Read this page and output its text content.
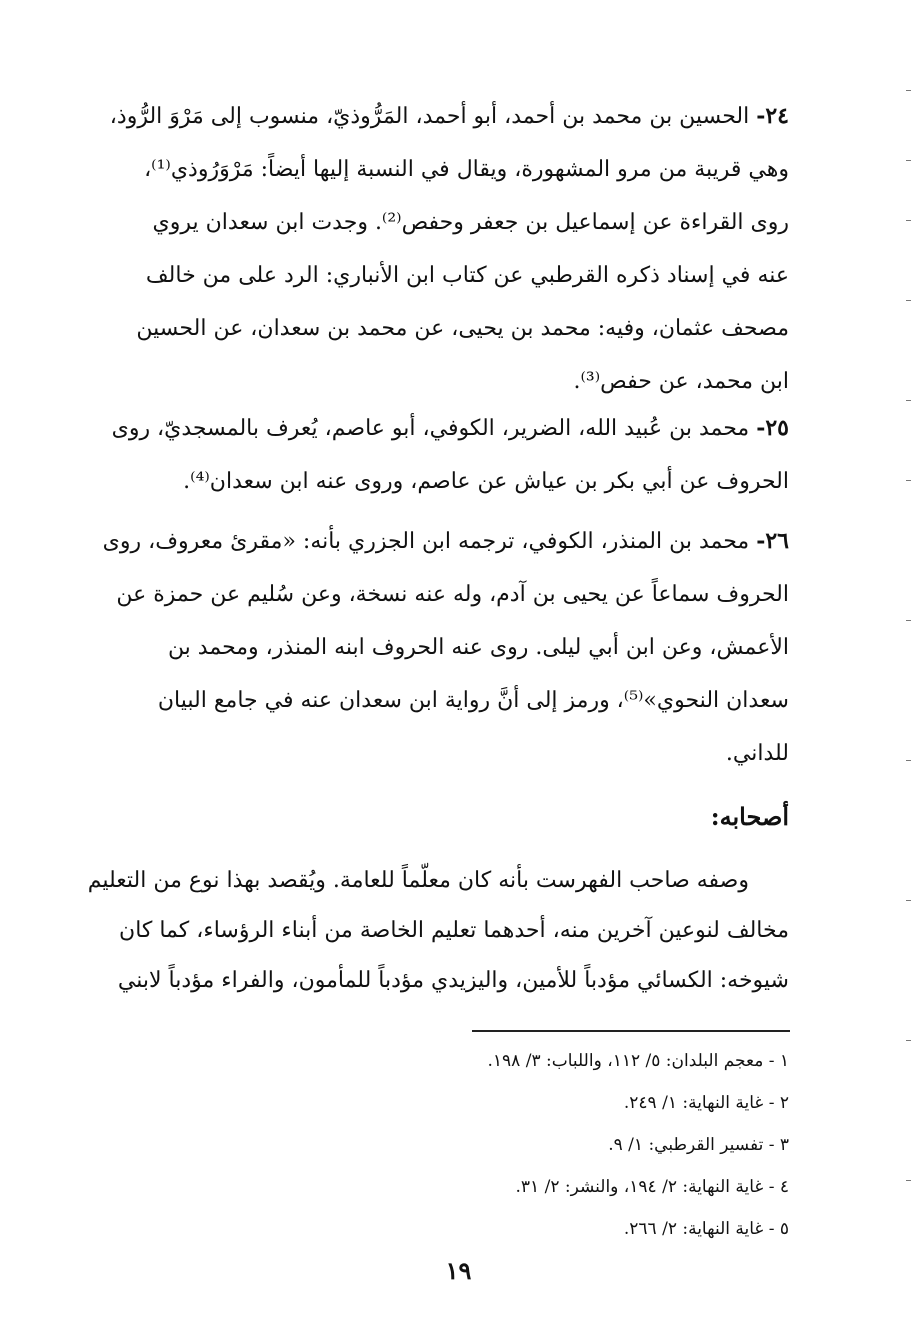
٢٤- الحسين بن محمد بن أحمد، أبو أحمد، المَرُّوذيّ، منسوب إلى مَرْوَ الرُّوذ،
وهي قريبة من مرو المشهورة، ويقال في النسبة إليها أيضاً: مَرْوَرُوذي⁽¹⁾،
روى القراءة عن إسماعيل بن جعفر وحفص⁽²⁾. وجدت ابن سعدان يروي
عنه في إسناد ذكره القرطبي عن كتاب ابن الأنباري: الرد على من خالف
مصحف عثمان، وفيه: محمد بن يحيى، عن محمد بن سعدان، عن الحسين
ابن محمد، عن حفص⁽³⁾.
٢٥- محمد بن عُبيد الله، الضرير، الكوفي، أبو عاصم، يُعرف بالمسجديّ، روى
الحروف عن أبي بكر بن عياش عن عاصم، وروى عنه ابن سعدان⁽⁴⁾.
٢٦- محمد بن المنذر، الكوفي، ترجمه ابن الجزري بأنه: «مقرئ معروف، روى
الحروف سماعاً عن يحيى بن آدم، وله عنه نسخة، وعن سُليم عن حمزة عن
الأعمش، وعن ابن أبي ليلى. روى عنه الحروف ابنه المنذر، ومحمد بن
سعدان النحوي»⁽⁵⁾، ورمز إلى أنَّ رواية ابن سعدان عنه في جامع البيان
للداني.
أصحابه:
وصفه صاحب الفهرست بأنه كان معلّماً للعامة. ويُقصد بهذا نوع من التعليم
مخالف لنوعين آخرين منه، أحدهما تعليم الخاصة من أبناء الرؤساء، كما كان
شيوخه: الكسائي مؤدباً للأمين، واليزيدي مؤدباً للمأمون، والفراء مؤدباً لابني
١ - معجم البلدان: ٥/ ١١٢، واللباب: ٣/ ١٩٨.
٢ - غاية النهاية: ١/ ٢٤٩.
٣ - تفسير القرطبي: ١/ ٩.
٤ - غاية النهاية: ٢/ ١٩٤، والنشر: ٢/ ٣١.
٥ - غاية النهاية: ٢/ ٢٦٦.
١٩
